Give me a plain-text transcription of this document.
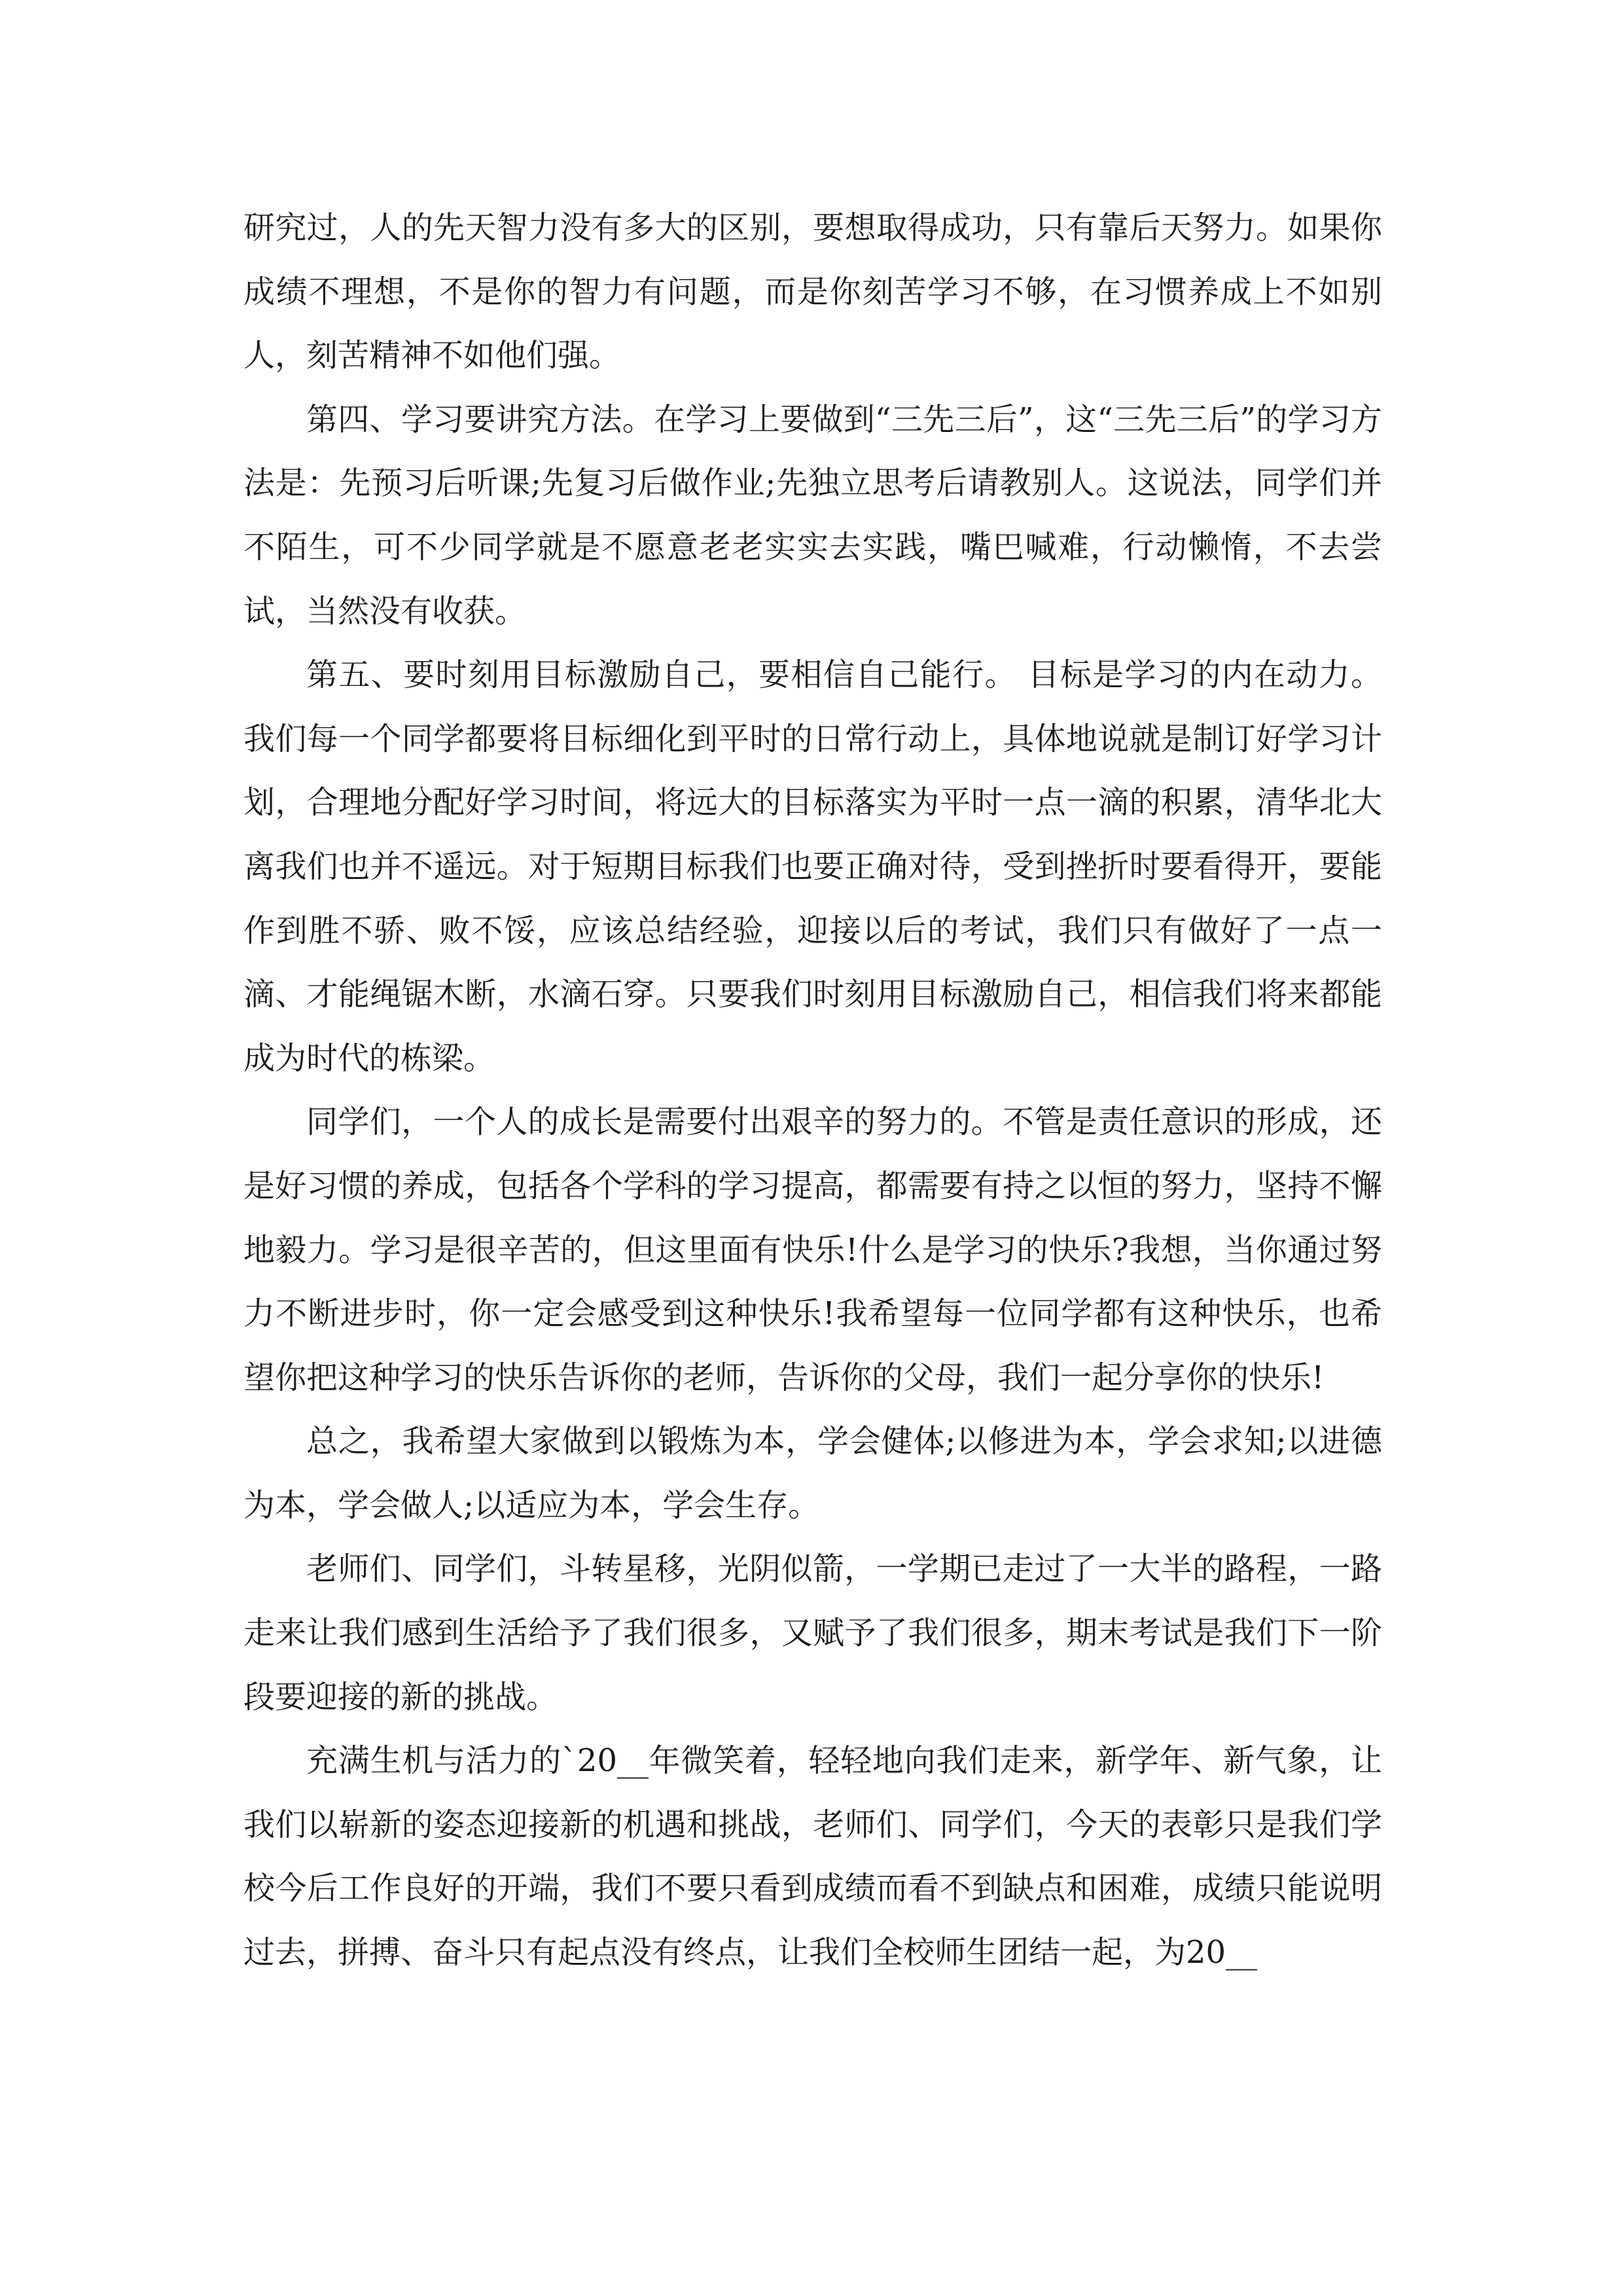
研究过，人的先天智力没有多大的区别，要想取得成功，只有靠后天努力。如果你成绩不理想，不是你的智力有问题，而是你刻苦学习不够，在习惯养成上不如别人，刻苦精神不如他们强。

第四、学习要讲究方法。在学习上要做到“三先三后”，这“三先三后”的学习方法是：先预习后听课;先复习后做作业;先独立思考后请教别人。这说法，同学们并不陌生，可不少同学就是不愿意老老实实去实践，嘴巴喊难，行动懒惰，不去尝试，当然没有收获。

第五、要时刻用目标激励自己，要相信自己能行。 目标是学习的内在动力。我们每一个同学都要将目标细化到平时的日常行动上，具体地说就是制订好学习计划，合理地分配好学习时间，将远大的目标落实为平时一点一滴的积累，清华北大离我们也并不遥远。对于短期目标我们也要正确对待，受到挫折时要看得开，要能作到胜不骄、败不馁，应该总结经验，迎接以后的考试，我们只有做好了一点一滴、才能绳锯木断，水滴石穿。只要我们时刻用目标激励自己，相信我们将来都能成为时代的栋梁。

同学们，一个人的成长是需要付出艰辛的努力的。不管是责任意识的形成，还是好习惯的养成，包括各个学科的学习提高，都需要有持之以恒的努力，坚持不懈地毅力。学习是很辛苦的，但这里面有快乐!什么是学习的快乐?我想，当你通过努力不断进步时，你一定会感受到这种快乐!我希望每一位同学都有这种快乐，也希望你把这种学习的快乐告诉你的老师，告诉你的父母，我们一起分享你的快乐!

总之，我希望大家做到以锻炼为本，学会健体;以修进为本，学会求知;以进德为本，学会做人;以适应为本，学会生存。

老师们、同学们，斗转星移，光阴似箭，一学期已走过了一大半的路程，一路走来让我们感到生活给予了我们很多，又赋予了我们很多，期末考试是我们下一阶段要迎接的新的挑战。

充满生机与活力的`20__年微笑着，轻轻地向我们走来，新学年、新气象，让我们以崭新的姿态迎接新的机遇和挑战，老师们、同学们，今天的表彰只是我们学校今后工作良好的开端，我们不要只看到成绩而看不到缺点和困难，成绩只能说明过去，拼搏、奋斗只有起点没有终点，让我们全校师生团结一起，为20__
